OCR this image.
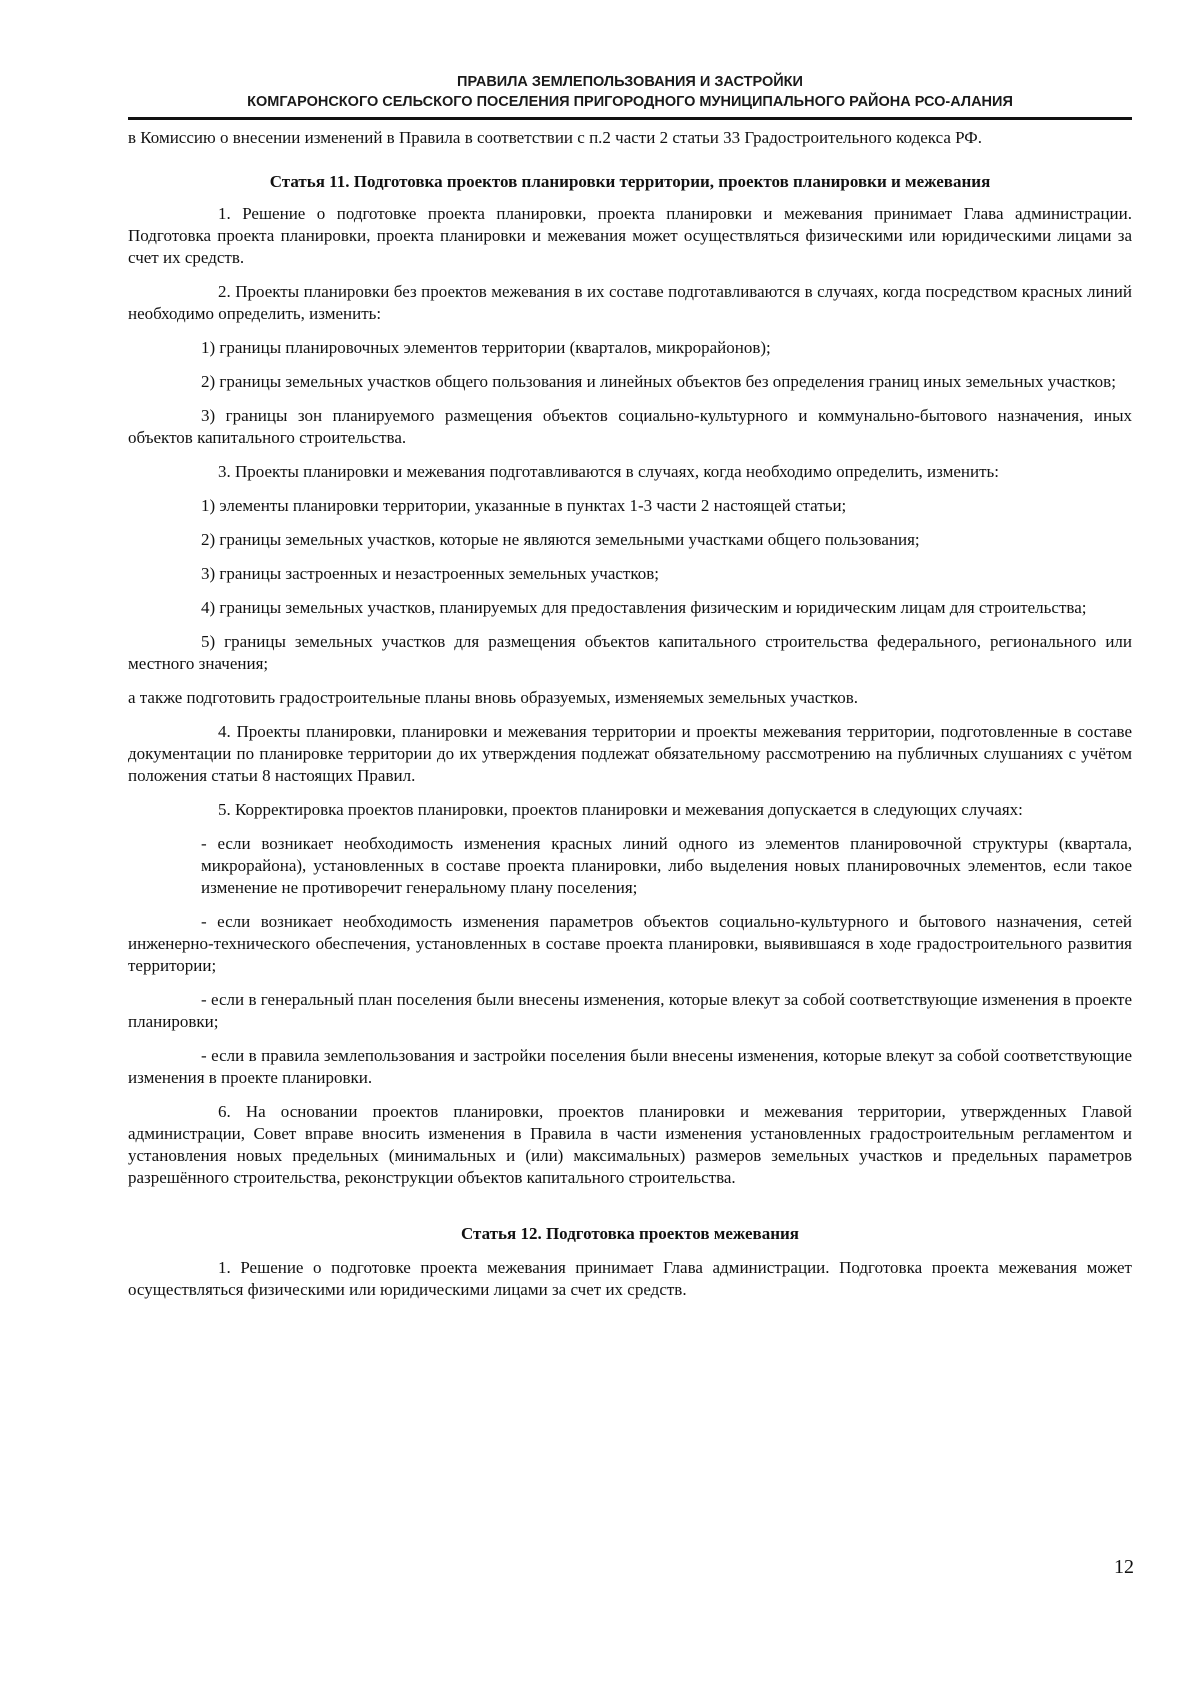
ПРАВИЛА ЗЕМЛЕПОЛЬЗОВАНИЯ И ЗАСТРОЙКИ
КОМГАРОНСКОГО СЕЛЬСКОГО ПОСЕЛЕНИЯ ПРИГОРОДНОГО МУНИЦИПАЛЬНОГО РАЙОНА РСО-АЛАНИЯ

в Комиссию о внесении изменений в Правила в соответствии с п.2 части 2 статьи 33 Градостроительного кодекса РФ.

Статья 11. Подготовка проектов планировки территории, проектов планировки и межевания

1. Решение о подготовке проекта планировки, проекта планировки и межевания принимает Глава администрации. Подготовка проекта планировки, проекта планировки и межевания может осуществляться физическими или юридическими лицами за счет их средств.

2. Проекты планировки без проектов межевания в их составе подготавливаются в случаях, когда посредством красных линий необходимо определить, изменить:

1) границы планировочных элементов территории (кварталов, микрорайонов);

2) границы земельных участков общего пользования и линейных объектов без определения границ иных земельных участков;

3) границы зон планируемого размещения объектов социально-культурного и коммунально-бытового назначения, иных объектов капитального строительства.

3. Проекты планировки и межевания подготавливаются в случаях, когда необходимо определить, изменить:

1) элементы планировки территории, указанные в пунктах 1-3 части 2 настоящей статьи;

2) границы земельных участков, которые не являются земельными участками общего пользования;

3) границы застроенных и незастроенных земельных участков;

4) границы земельных участков, планируемых для предоставления физическим и юридическим лицам для строительства;

5) границы земельных участков для размещения объектов капитального строительства федерального, регионального или местного значения;

а также подготовить градостроительные планы вновь образуемых, изменяемых земельных участков.

4. Проекты планировки, планировки и межевания территории и проекты межевания территории, подготовленные в составе документации по планировке территории до их утверждения подлежат обязательному рассмотрению на публичных слушаниях с учётом положения статьи 8 настоящих Правил.

5. Корректировка проектов планировки, проектов планировки и межевания допускается в следующих случаях:

- если возникает необходимость изменения красных линий одного из элементов планировочной структуры (квартала, микрорайона), установленных в составе проекта планировки, либо выделения новых планировочных элементов, если такое изменение не противоречит генеральному плану поселения;

- если возникает необходимость изменения параметров объектов социально-культурного и бытового назначения, сетей инженерно-технического обеспечения, установленных в составе проекта планировки, выявившаяся в ходе градостроительного развития территории;

- если в генеральный план поселения были внесены изменения, которые влекут за собой соответствующие изменения в проекте планировки;

- если в правила землепользования и застройки поселения были внесены изменения, которые влекут за собой соответствующие изменения в проекте планировки.

6. На основании проектов планировки, проектов планировки и межевания территории, утвержденных Главой администрации, Совет вправе вносить изменения в Правила в части изменения установленных градостроительным регламентом и установления новых предельных (минимальных и (или) максимальных) размеров земельных участков и предельных параметров разрешённого строительства, реконструкции объектов капитального строительства.

Статья 12. Подготовка проектов межевания

1. Решение о подготовке проекта межевания принимает Глава администрации. Подготовка проекта межевания может осуществляться физическими или юридическими лицами за счет их средств.

12
